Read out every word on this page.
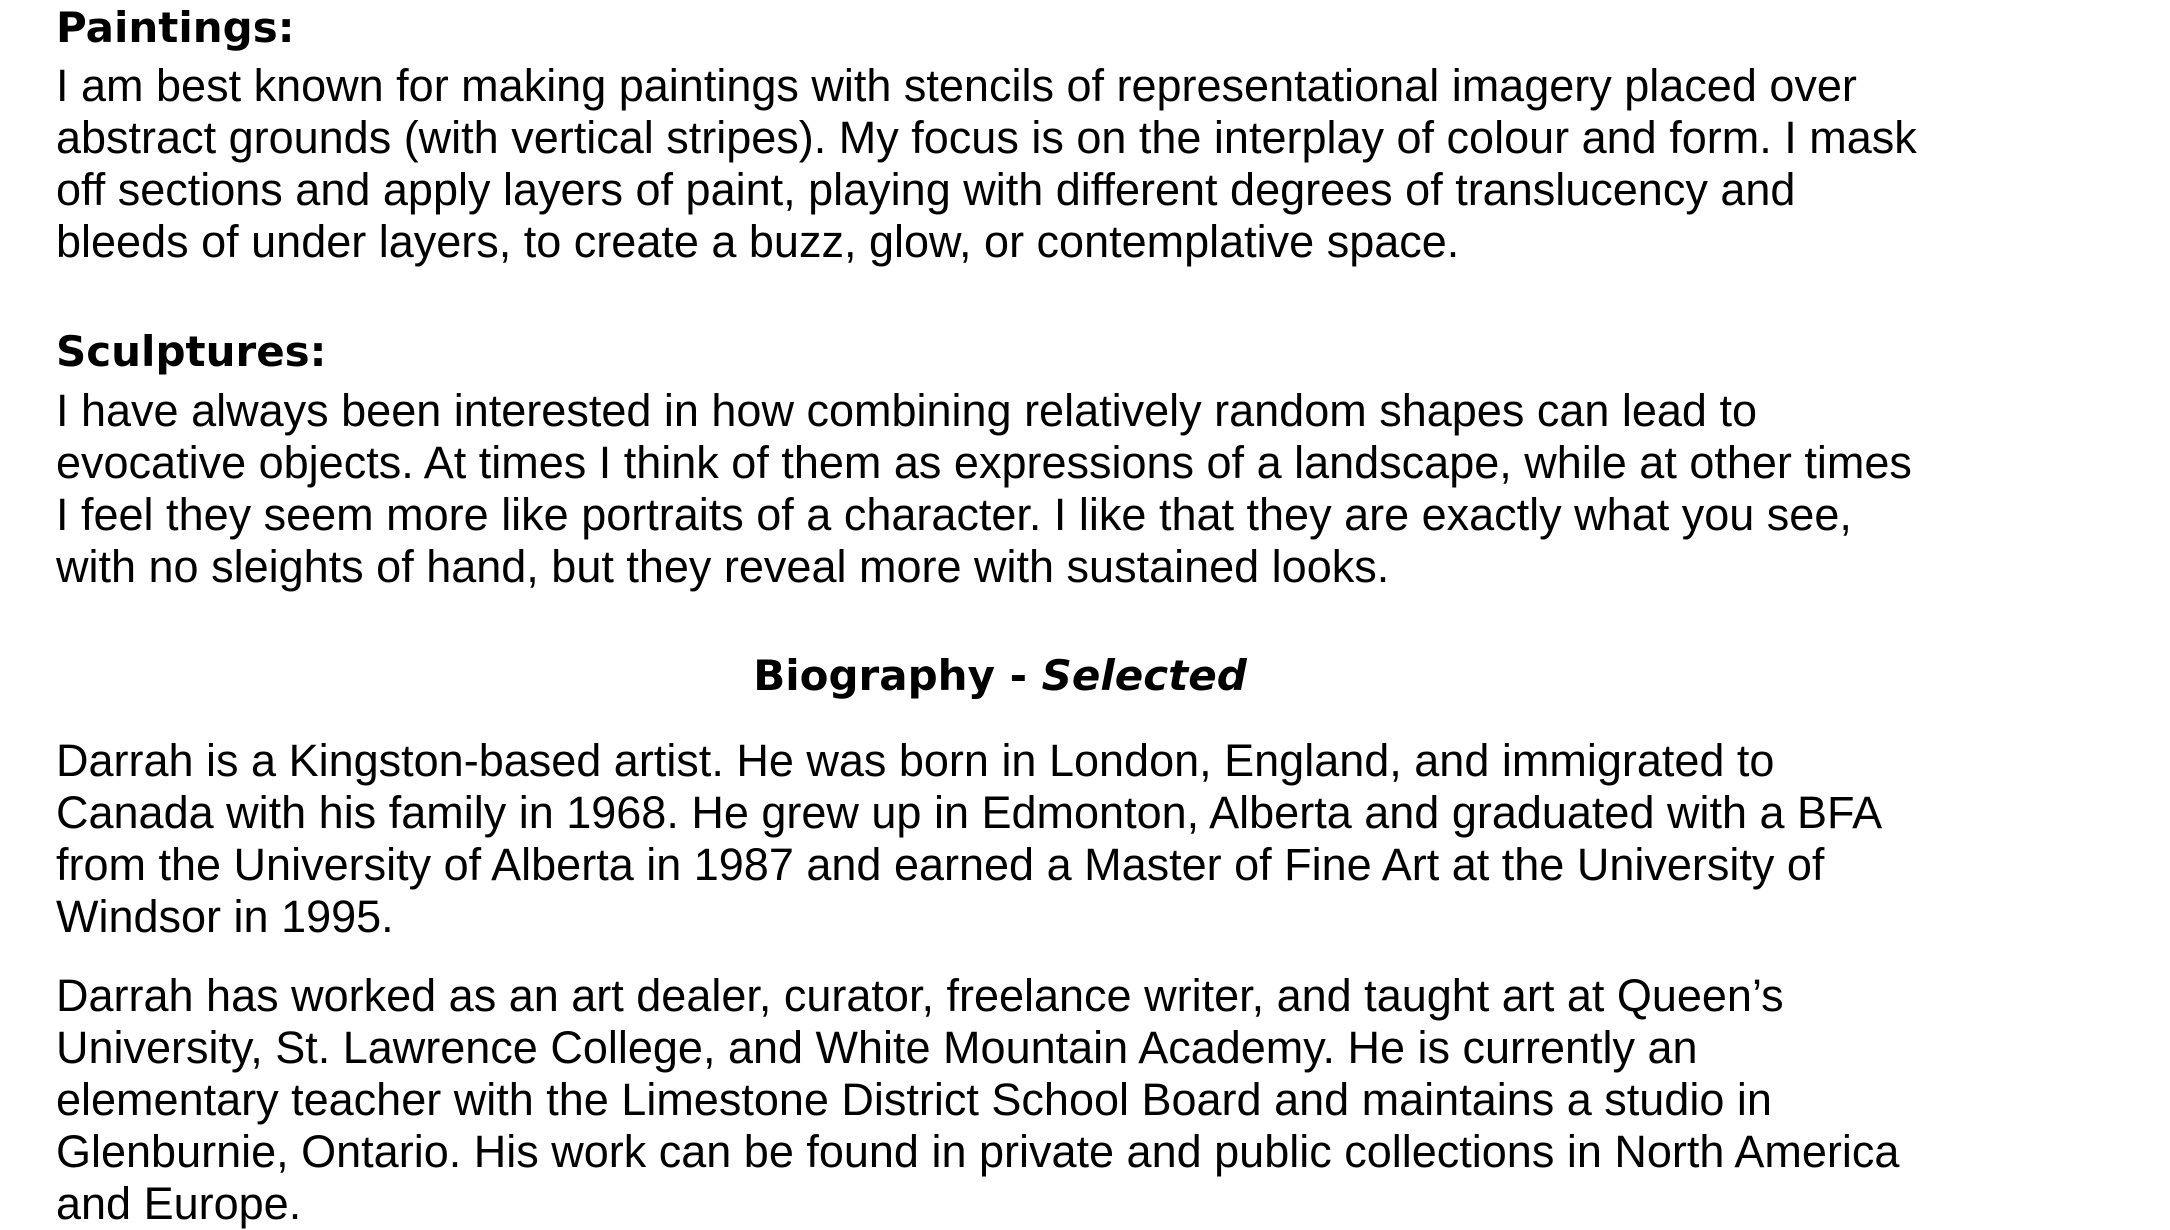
Paintings:

I am best known for making paintings with stencils of representational imagery placed over
abstract grounds (with vertical stripes). My focus is on the interplay of colour and form. I mask
off sections and apply layers of paint, playing with different degrees of translucency and
bleeds of under layers, to create a buzz, glow, or contemplative space.

Sculptures:

I have always been interested in how combining relatively random shapes can lead to
evocative objects. At times I think of them as expressions of a landscape, while at other times
I feel they seem more like portraits of a character. I like that they are exactly what you see,
with no sleights of hand, but they reveal more with sustained looks.

Biography - Selected

Darrah is a Kingston-based artist. He was born in London, England, and immigrated to
Canada with his family in 1968. He grew up in Edmonton, Alberta and graduated with a BFA
from the University of Alberta in 1987 and earned a Master of Fine Art at the University of
Windsor in 1995.

Darrah has worked as an art dealer, curator, freelance writer, and taught art at Queen’s
University, St. Lawrence College, and White Mountain Academy. He is currently an
elementary teacher with the Limestone District School Board and maintains a studio in
Glenburnie, Ontario. His work can be found in private and public collections in North America
and Europe.
